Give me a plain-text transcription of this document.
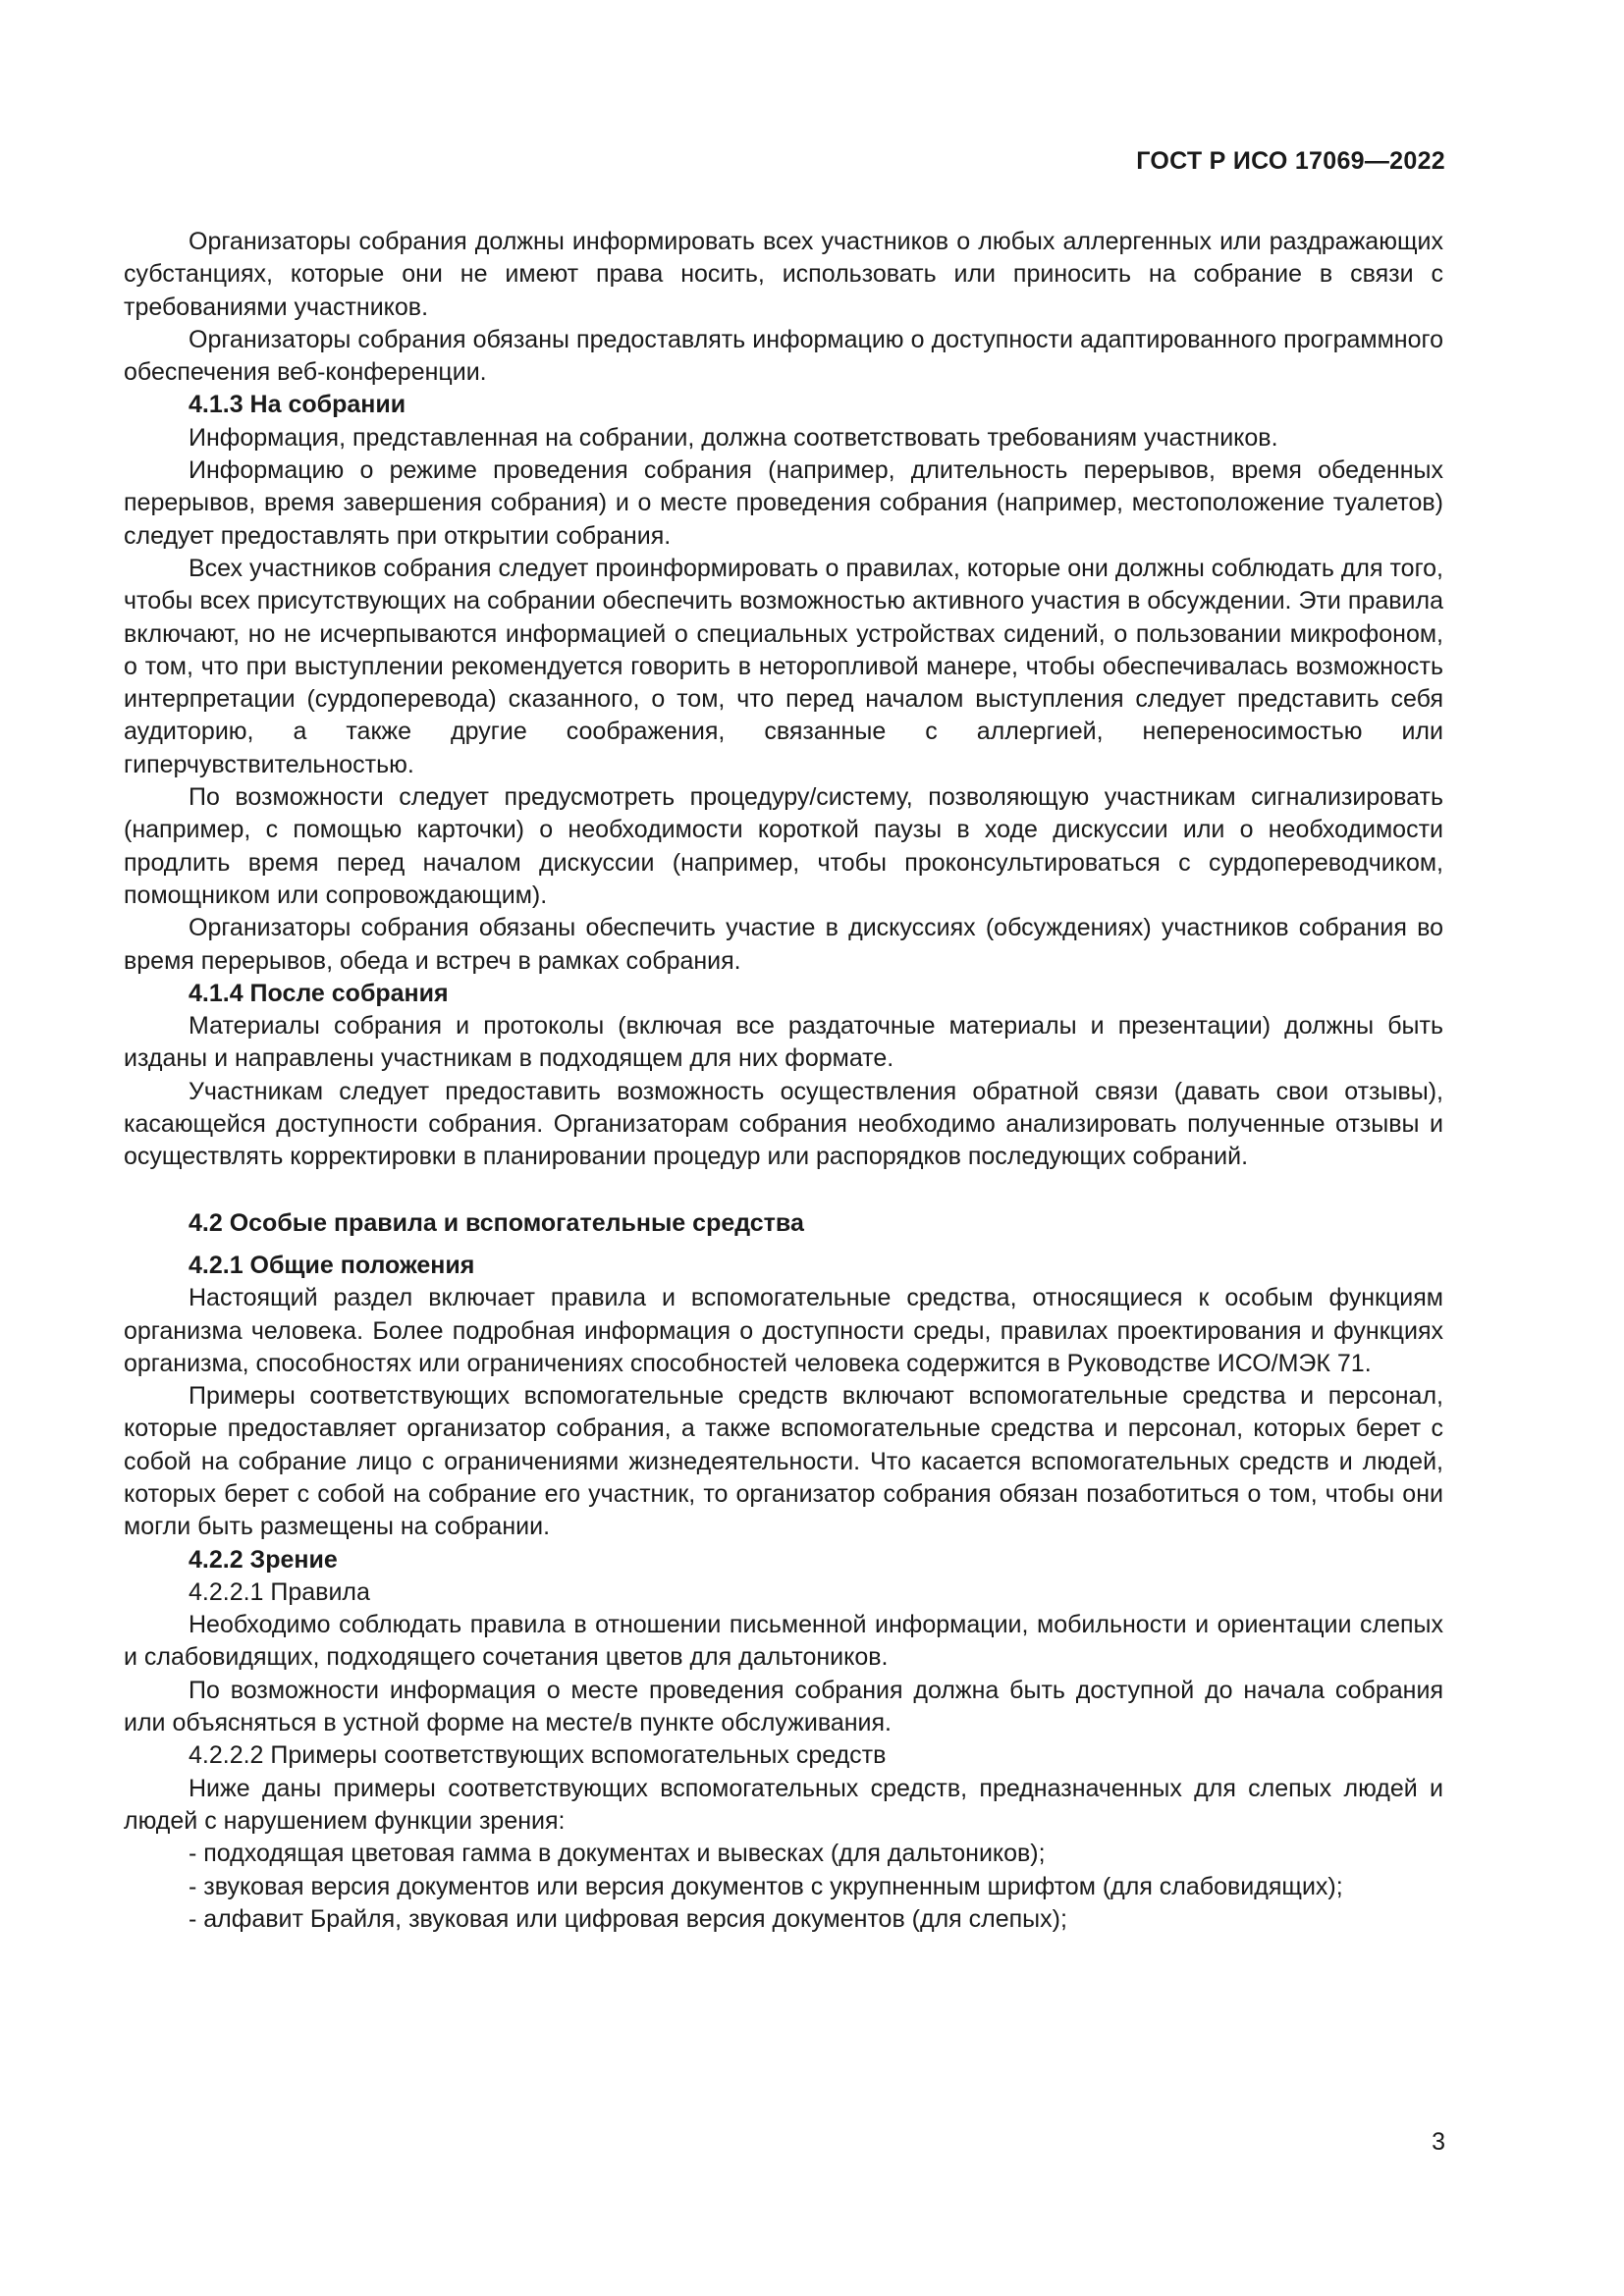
ГОСТ Р ИСО 17069—2022

Организаторы собрания должны информировать всех участников о любых аллергенных или раздражающих субстанциях, которые они не имеют права носить, использовать или приносить на собрание в связи с требованиями участников.

Организаторы собрания обязаны предоставлять информацию о доступности адаптированного программного обеспечения веб-конференции.

4.1.3 На собрании

Информация, представленная на собрании, должна соответствовать требованиям участников.

Информацию о режиме проведения собрания (например, длительность перерывов, время обеденных перерывов, время завершения собрания) и о месте проведения собрания (например, местоположение туалетов) следует предоставлять при открытии собрания.

Всех участников собрания следует проинформировать о правилах, которые они должны соблюдать для того, чтобы всех присутствующих на собрании обеспечить возможностью активного участия в обсуждении. Эти правила включают, но не исчерпываются информацией о специальных устройствах сидений, о пользовании микрофоном, о том, что при выступлении рекомендуется говорить в неторопливой манере, чтобы обеспечивалась возможность интерпретации (сурдоперевода) сказанного, о том, что перед началом выступления следует представить себя аудиторию, а также другие соображения, связанные с аллергией, непереносимостью или гиперчувствительностью.

По возможности следует предусмотреть процедуру/систему, позволяющую участникам сигнализировать (например, с помощью карточки) о необходимости короткой паузы в ходе дискуссии или о необходимости продлить время перед началом дискуссии (например, чтобы проконсультироваться с сурдопереводчиком, помощником или сопровождающим).

Организаторы собрания обязаны обеспечить участие в дискуссиях (обсуждениях) участников собрания во время перерывов, обеда и встреч в рамках собрания.

4.1.4 После собрания

Материалы собрания и протоколы (включая все раздаточные материалы и презентации) должны быть изданы и направлены участникам в подходящем для них формате.

Участникам следует предоставить возможность осуществления обратной связи (давать свои отзывы), касающейся доступности собрания. Организаторам собрания необходимо анализировать полученные отзывы и осуществлять корректировки в планировании процедур или распорядков последующих собраний.

4.2 Особые правила и вспомогательные средства

4.2.1 Общие положения

Настоящий раздел включает правила и вспомогательные средства, относящиеся к особым функциям организма человека. Более подробная информация о доступности среды, правилах проектирования и функциях организма, способностях или ограничениях способностей человека содержится в Руководстве ИСО/МЭК 71.

Примеры соответствующих вспомогательные средств включают вспомогательные средства и персонал, которые предоставляет организатор собрания, а также вспомогательные средства и персонал, которых берет с собой на собрание лицо с ограничениями жизнедеятельности. Что касается вспомогательных средств и людей, которых берет с собой на собрание его участник, то организатор собрания обязан позаботиться о том, чтобы они могли быть размещены на собрании.

4.2.2 Зрение

4.2.2.1 Правила

Необходимо соблюдать правила в отношении письменной информации, мобильности и ориентации слепых и слабовидящих, подходящего сочетания цветов для дальтоников.

По возможности информация о месте проведения собрания должна быть доступной до начала собрания или объясняться в устной форме на месте/в пункте обслуживания.

4.2.2.2 Примеры соответствующих вспомогательных средств

Ниже даны примеры соответствующих вспомогательных средств, предназначенных для слепых людей и людей с нарушением функции зрения:

- подходящая цветовая гамма в документах и вывесках (для дальтоников);

- звуковая версия документов или версия документов с укрупненным шрифтом (для слабовидящих);

- алфавит Брайля, звуковая или цифровая версия документов (для слепых);

3
